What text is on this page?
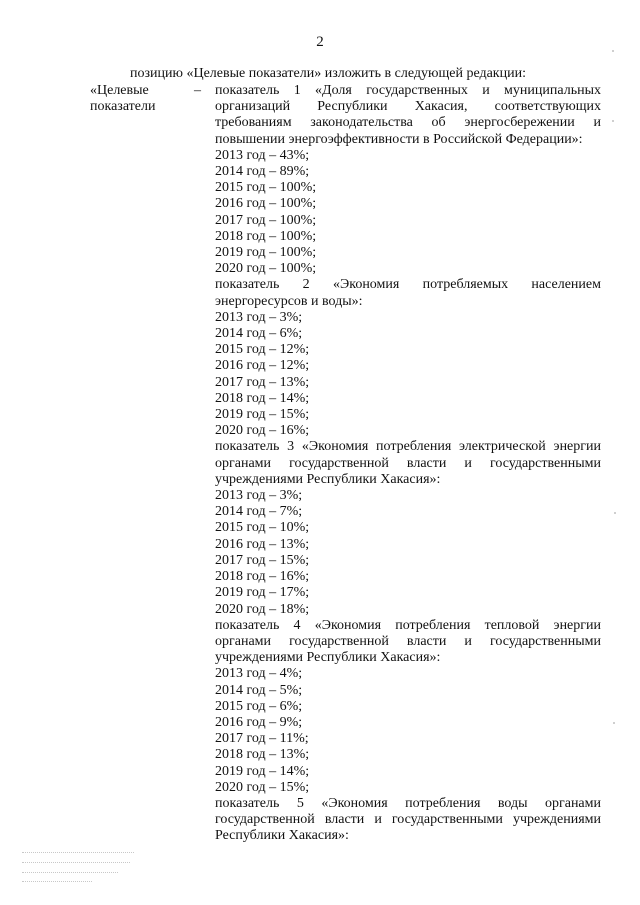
2
позицию «Целевые показатели» изложить в следующей редакции:
«Целевые
показатели
– показатель 1 «Доля государственных и муниципальных
организаций Республики Хакасия, соответствующих
требованиям законодательства об энергосбережении и
повышении энергоэффективности в Российской Федерации»:
2013 год – 43%;
2014 год – 89%;
2015 год – 100%;
2016 год – 100%;
2017 год – 100%;
2018 год – 100%;
2019 год – 100%;
2020 год – 100%;
показатель 2 «Экономия потребляемых населением
энергоресурсов и воды»:
2013 год – 3%;
2014 год – 6%;
2015 год – 12%;
2016 год – 12%;
2017 год – 13%;
2018 год – 14%;
2019 год – 15%;
2020 год – 16%;
показатель 3 «Экономия потребления электрической энергии
органами государственной власти и государственными
учреждениями Республики Хакасия»:
2013 год – 3%;
2014 год – 7%;
2015 год – 10%;
2016 год – 13%;
2017 год – 15%;
2018 год – 16%;
2019 год – 17%;
2020 год – 18%;
показатель 4 «Экономия потребления тепловой энергии
органами государственной власти и государственными
учреждениями Республики Хакасия»:
2013 год – 4%;
2014 год – 5%;
2015 год – 6%;
2016 год – 9%;
2017 год – 11%;
2018 год – 13%;
2019 год – 14%;
2020 год – 15%;
показатель 5 «Экономия потребления воды органами
государственной власти и государственными учреждениями
Республики Хакасия»:
